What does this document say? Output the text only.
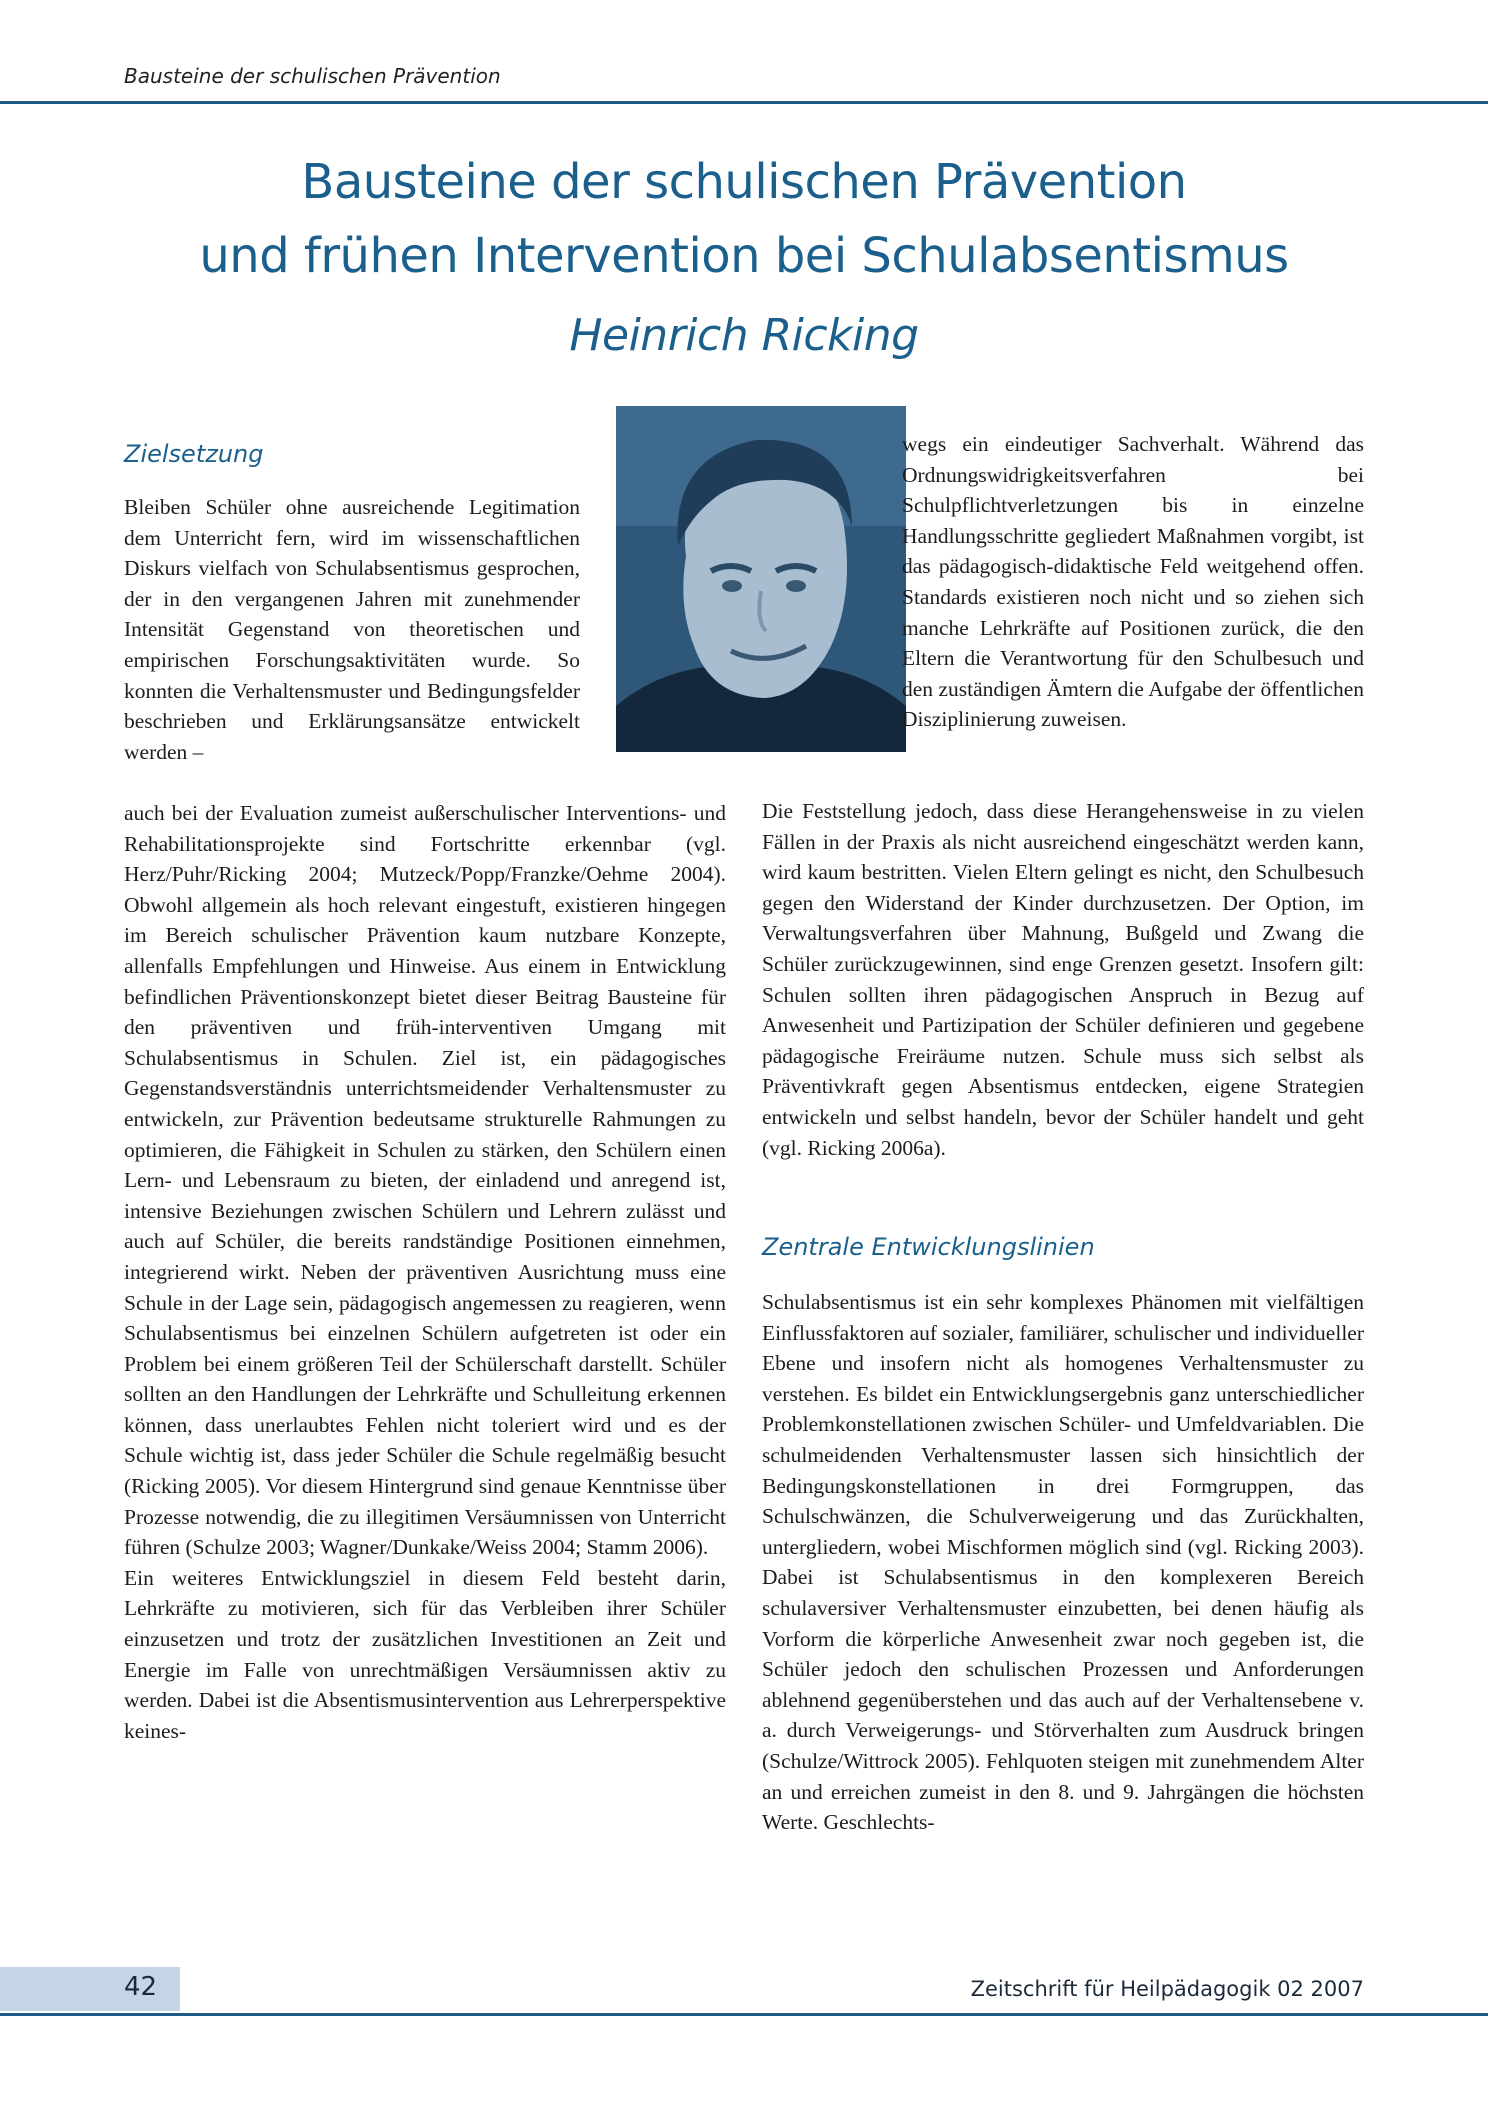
Bausteine der schulischen Prävention
Bausteine der schulischen Prävention
und frühen Intervention bei Schulabsentismus
Heinrich Ricking
Zielsetzung

Bleiben Schüler ohne ausreichende Legitimation dem Unterricht fern, wird im wissenschaftlichen Diskurs vielfach von Schulabsentismus gesprochen, der in den vergangenen Jahren mit zunehmender Intensität Gegenstand von theoretischen und empirischen Forschungsaktivitäten wurde. So konnten die Verhaltensmuster und Bedingungsfelder beschrieben und Erklärungsansätze entwickelt werden –

wegs ein eindeutiger Sachverhalt. Während das Ordnungswidrigkeitsverfahren bei Schulpflichtverletzungen bis in einzelne Handlungsschritte gegliedert Maßnahmen vorgibt, ist das pädagogisch-didaktische Feld weitgehend offen. Standards existieren noch nicht und so ziehen sich manche Lehrkräfte auf Positionen zurück, die den Eltern die Verantwortung für den Schulbesuch und den zuständigen Ämtern die Aufgabe der öffentlichen Disziplinierung zuweisen.

auch bei der Evaluation zumeist außerschulischer Interventions- und Rehabilitationsprojekte sind Fortschritte erkennbar (vgl. Herz/Puhr/Ricking 2004; Mutzeck/Popp/Franzke/Oehme 2004). Obwohl allgemein als hoch relevant eingestuft, existieren hingegen im Bereich schulischer Prävention kaum nutzbare Konzepte, allenfalls Empfehlungen und Hinweise. Aus einem in Entwicklung befindlichen Präventionskonzept bietet dieser Beitrag Bausteine für den präventiven und früh-interventiven Umgang mit Schulabsentismus in Schulen. Ziel ist, ein pädagogisches Gegenstandsverständnis unterrichtsmeidender Verhaltensmuster zu entwickeln, zur Prävention bedeutsame strukturelle Rahmungen zu optimieren, die Fähigkeit in Schulen zu stärken, den Schülern einen Lern- und Lebensraum zu bieten, der einladend und anregend ist, intensive Beziehungen zwischen Schülern und Lehrern zulässt und auch auf Schüler, die bereits randständige Positionen einnehmen, integrierend wirkt. Neben der präventiven Ausrichtung muss eine Schule in der Lage sein, pädagogisch angemessen zu reagieren, wenn Schulabsentismus bei einzelnen Schülern aufgetreten ist oder ein Problem bei einem größeren Teil der Schülerschaft darstellt. Schüler sollten an den Handlungen der Lehrkräfte und Schulleitung erkennen können, dass unerlaubtes Fehlen nicht toleriert wird und es der Schule wichtig ist, dass jeder Schüler die Schule regelmäßig besucht (Ricking 2005). Vor diesem Hintergrund sind genaue Kenntnisse über Prozesse notwendig, die zu illegitimen Versäumnissen von Unterricht führen (Schulze 2003; Wagner/Dunkake/Weiss 2004; Stamm 2006).

Ein weiteres Entwicklungsziel in diesem Feld besteht darin, Lehrkräfte zu motivieren, sich für das Verbleiben ihrer Schüler einzusetzen und trotz der zusätzlichen Investitionen an Zeit und Energie im Falle von unrechtmäßigen Versäumnissen aktiv zu werden. Dabei ist die Absentismusintervention aus Lehrerperspektive keines-

Die Feststellung jedoch, dass diese Herangehensweise in zu vielen Fällen in der Praxis als nicht ausreichend eingeschätzt werden kann, wird kaum bestritten. Vielen Eltern gelingt es nicht, den Schulbesuch gegen den Widerstand der Kinder durchzusetzen. Der Option, im Verwaltungsverfahren über Mahnung, Bußgeld und Zwang die Schüler zurückzugewinnen, sind enge Grenzen gesetzt. Insofern gilt: Schulen sollten ihren pädagogischen Anspruch in Bezug auf Anwesenheit und Partizipation der Schüler definieren und gegebene pädagogische Freiräume nutzen. Schule muss sich selbst als Präventivkraft gegen Absentismus entdecken, eigene Strategien entwickeln und selbst handeln, bevor der Schüler handelt und geht (vgl. Ricking 2006a).

Zentrale Entwicklungslinien

Schulabsentismus ist ein sehr komplexes Phänomen mit vielfältigen Einflussfaktoren auf sozialer, familiärer, schulischer und individueller Ebene und insofern nicht als homogenes Verhaltensmuster zu verstehen. Es bildet ein Entwicklungsergebnis ganz unterschiedlicher Problemkonstellationen zwischen Schüler- und Umfeldvariablen. Die schulmeidenden Verhaltensmuster lassen sich hinsichtlich der Bedingungskonstellationen in drei Formgruppen, das Schulschwänzen, die Schulverweigerung und das Zurückhalten, untergliedern, wobei Mischformen möglich sind (vgl. Ricking 2003). Dabei ist Schulabsentismus in den komplexeren Bereich schulaversiver Verhaltensmuster einzubetten, bei denen häufig als Vorform die körperliche Anwesenheit zwar noch gegeben ist, die Schüler jedoch den schulischen Prozessen und Anforderungen ablehnend gegenüberstehen und das auch auf der Verhaltensebene v. a. durch Verweigerungs- und Störverhalten zum Ausdruck bringen (Schulze/Wittrock 2005). Fehlquoten steigen mit zunehmendem Alter an und erreichen zumeist in den 8. und 9. Jahrgängen die höchsten Werte. Geschlechts-

42	Zeitschrift für Heilpädagogik 02 2007
